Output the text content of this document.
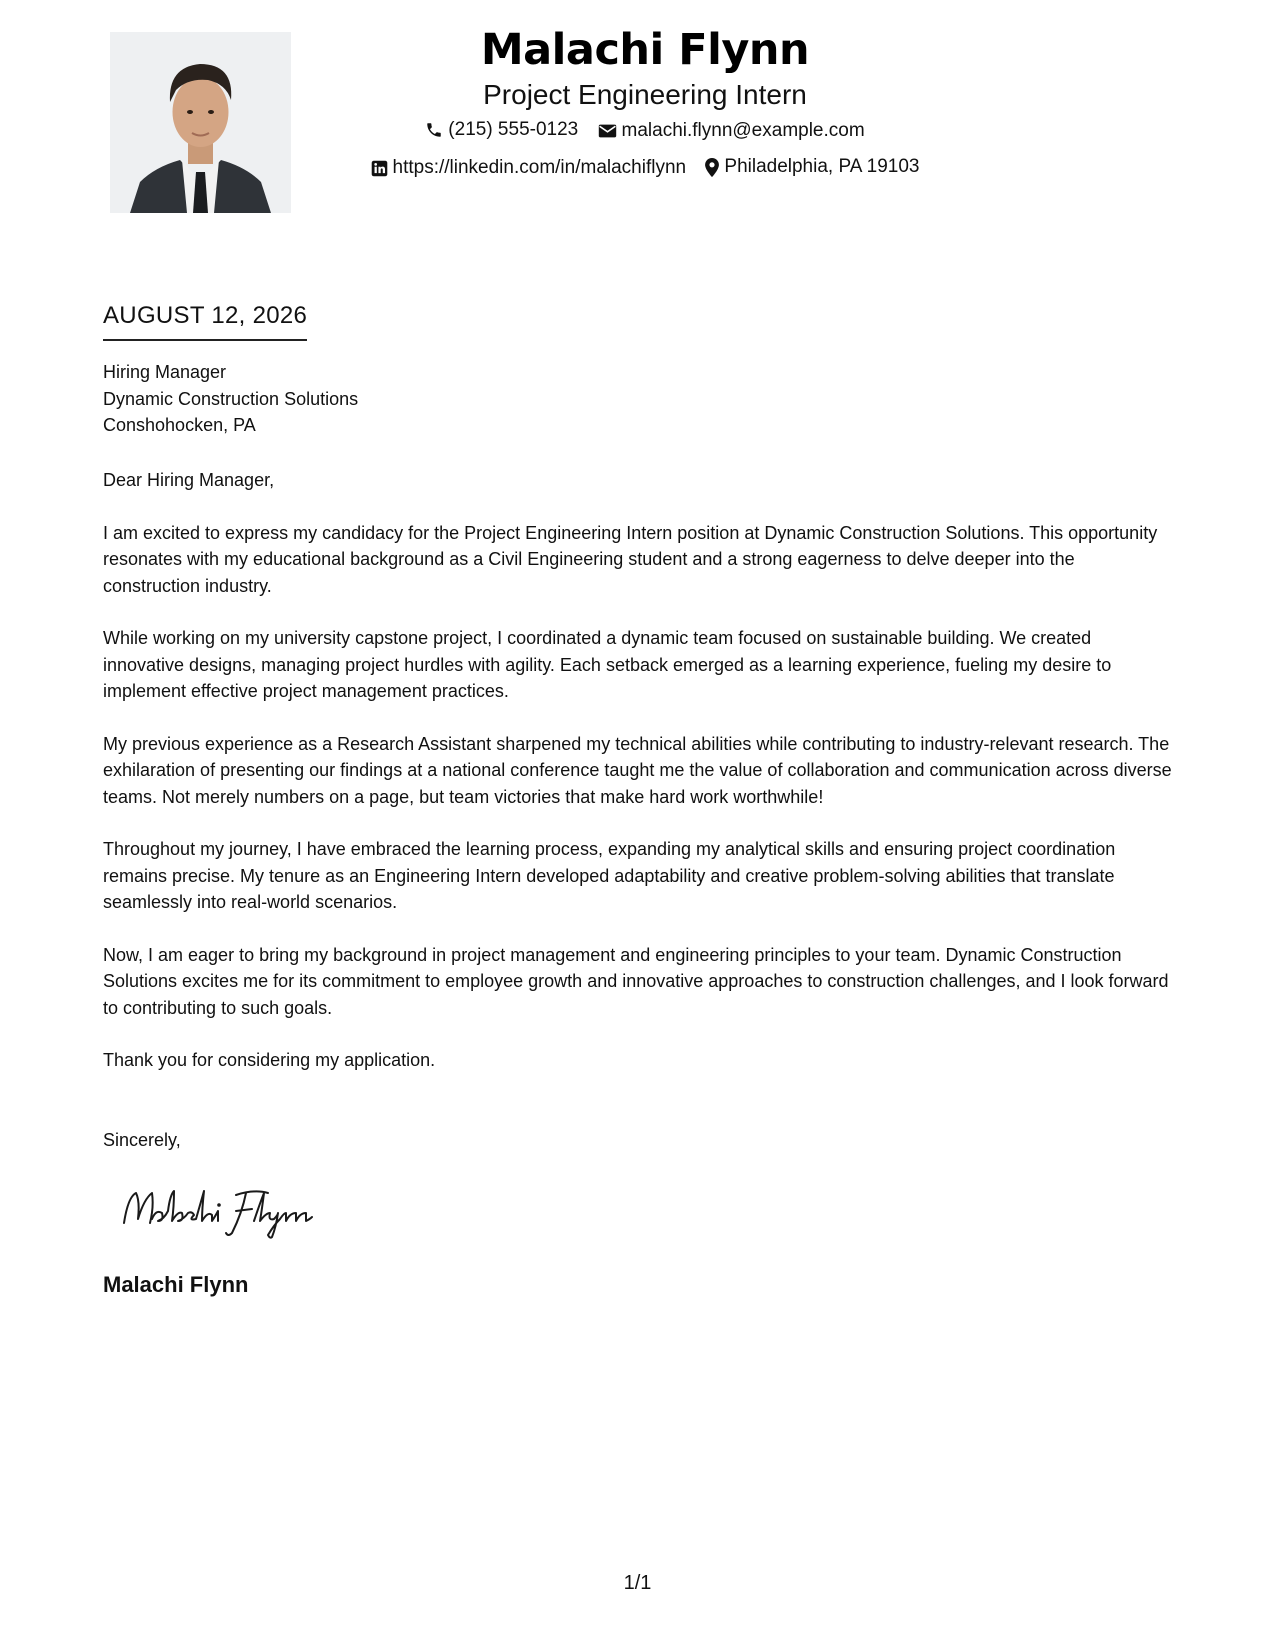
Malachi Flynn
Project Engineering Intern
(215) 555-0123
malachi.flynn@example.com
https://linkedin.com/in/malachiflynn
Philadelphia, PA 19103
AUGUST 12, 2026
Hiring Manager
Dynamic Construction Solutions
Conshohocken, PA

Dear Hiring Manager,

I am excited to express my candidacy for the Project Engineering Intern position at Dynamic Construction Solutions. This opportunity resonates with my educational background as a Civil Engineering student and a strong eagerness to delve deeper into the construction industry.

While working on my university capstone project, I coordinated a dynamic team focused on sustainable building. We created innovative designs, managing project hurdles with agility. Each setback emerged as a learning experience, fueling my desire to implement effective project management practices.

My previous experience as a Research Assistant sharpened my technical abilities while contributing to industry-relevant research. The exhilaration of presenting our findings at a national conference taught me the value of collaboration and communication across diverse teams. Not merely numbers on a page, but team victories that make hard work worthwhile!

Throughout my journey, I have embraced the learning process, expanding my analytical skills and ensuring project coordination remains precise. My tenure as an Engineering Intern developed adaptability and creative problem-solving abilities that translate seamlessly into real-world scenarios.

Now, I am eager to bring my background in project management and engineering principles to your team. Dynamic Construction Solutions excites me for its commitment to employee growth and innovative approaches to construction challenges, and I look forward to contributing to such goals.

Thank you for considering my application.

Sincerely,
Malachi Flynn
1/1
